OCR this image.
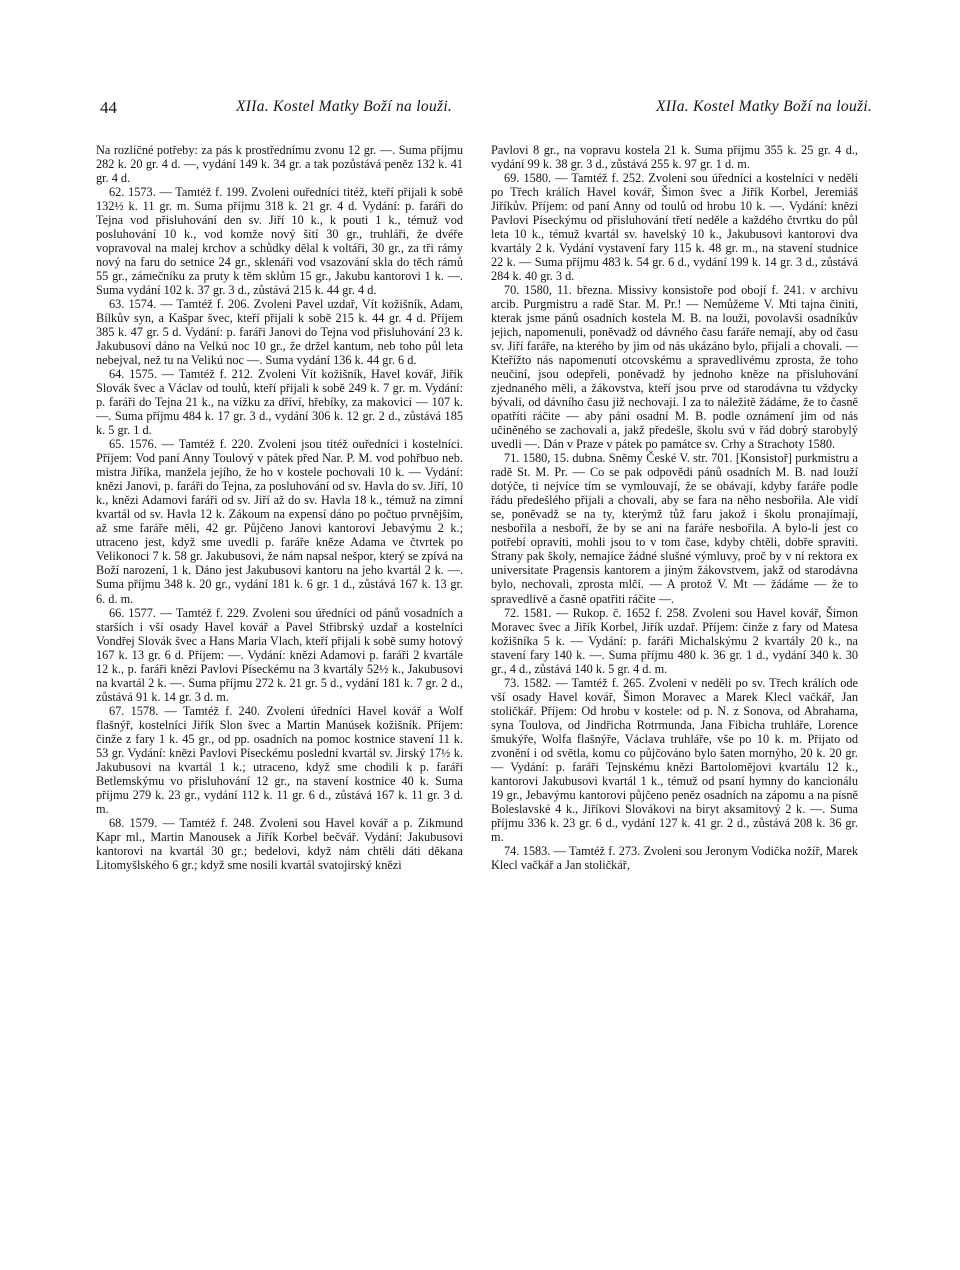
44	XIIa. Kostel Matky Boží na louži.	XIIa. Kostel Matky Boží na louži.

Na rozličné potřeby: za pás k prostřednímu zvonu 12 gr. —. Suma příjmu 282 k. 20 gr. 4 d. —, vydání 149 k. 34 gr. a tak pozůstává peněz 132 k. 41 gr. 4 d.

62. 1573. — Tamtéž f. 199. Zvoleni ouředníci titéž, kteří přijali k sobě 132½ k. 11 gr. m. Suma příjmu 318 k. 21 gr. 4 d. Vydání: p. faráři do Tejna vod přisluhování den sv. Jiří 10 k., k pouti 1 k., témuž vod posluhování 10 k., vod komže nový šití 30 gr., truhláři, že dvéře vopravoval na malej krchov a schůdky dělal k voltáři, 30 gr., za tři rámy nový na faru do setnice 24 gr., sklenáři vod vsazování skla do těch rámů 55 gr., zámečníku za pruty k těm sklům 15 gr., Jakubu kantorovi 1 k. —. Suma vydání 102 k. 37 gr. 3 d., zůstává 215 k. 44 gr. 4 d.

63. 1574. — Tamtéž f. 206. Zvoleni Pavel uzdař, Vít kožišník, Adam, Bílkův syn, a Kašpar švec, kteří přijali k sobě 215 k. 44 gr. 4 d. Příjem 385 k. 47 gr. 5 d. Vydání: p. faráři Janovi do Tejna vod přisluhování 23 k. Jakubusovi dáno na Velkú noc 10 gr., že držel kantum, neb toho půl leta nebejval, než tu na Velikú noc —. Suma vydání 136 k. 44 gr. 6 d.

64. 1575. — Tamtéž f. 212. Zvoleni Vít kožišník, Havel kovář, Jiřík Slovák švec a Václav od toulů, kteří přijali k sobě 249 k. 7 gr. m. Vydání: p. faráři do Tejna 21 k., na vížku za dříví, hřebíky, za makovici — 107 k. —. Suma příjmu 484 k. 17 gr. 3 d., vydání 306 k. 12 gr. 2 d., zůstává 185 k. 5 gr. 1 d.

65. 1576. — Tamtéž f. 220. Zvoleni jsou titéž ouředníci i kostelníci. Příjem: Vod paní Anny Toulový v pátek před Nar. P. M. vod pohřbuo neb. mistra Jiříka, manžela jejího, že ho v kostele pochovali 10 k. — Vydání: knězi Janovi, p. faráři do Tejna, za posluhování od sv. Havla do sv. Jiří, 10 k., knězi Adamovi faráři od sv. Jiří až do sv. Havla 18 k., témuž na zimní kvartál od sv. Havla 12 k. Zákoum na expensí dáno po počtuo prvnějším, až sme faráře měli, 42 gr. Půjčeno Janovi kantorovi Jebavýmu 2 k.; utraceno jest, když sme uvedli p. faráře kněze Adama ve čtvrtek po Velikonoci 7 k. 58 gr. Jakubusovi, že nám napsal nešpor, který se zpívá na Boží narození, 1 k. Dáno jest Jakubusovi kantoru na jeho kvartál 2 k. —. Suma příjmu 348 k. 20 gr., vydání 181 k. 6 gr. 1 d., zůstává 167 k. 13 gr. 6. d. m.

66. 1577. — Tamtéž f. 229. Zvoleni sou úředníci od pánů vosadních a starších i vší osady Havel kovář a Pavel Střibrský uzdař a kostelníci Vondřej Slovák švec a Hans Maria Vlach, kteří přijali k sobě sumy hotový 167 k. 13 gr. 6 d. Příjem: —. Vydání: knězi Adamovi p. faráři 2 kvartále 12 k., p. faráři knězi Pavlovi Píseckému na 3 kvartály 52½ k., Jakubusovi na kvartál 2 k. —. Suma příjmu 272 k. 21 gr. 5 d., vydání 181 k. 7 gr. 2 d., zůstává 91 k. 14 gr. 3 d. m.

67. 1578. — Tamtéž f. 240. Zvoleni úředníci Havel kovář a Wolf flašnýř, kostelníci Jiřík Slon švec a Martin Manúsek kožišník. Příjem: činže z fary 1 k. 45 gr., od pp. osadních na pomoc kostnice stavení 11 k. 53 gr. Vydání: knězi Pavlovi Píseckému poslední kvartál sv. Jirský 17½ k. Jakubusovi na kvartál 1 k.; utraceno, když sme chodili k p. faráři Betlemskýmu vo přisluhování 12 gr., na stavení kostnice 40 k. Suma příjmu 279 k. 23 gr., vydání 112 k. 11 gr. 6 d., zůstává 167 k. 11 gr. 3 d. m.

68. 1579. — Tamtéž f. 248. Zvoleni sou Havel kovář a p. Zikmund Kapr ml., Martin Manousek a Jiřík Korbel bečvář. Vydání: Jakubusovi kantorovi na kvartál 30 gr.; bedelovi, když nám chtěli dáti děkana Litomyšlského 6 gr.; když sme nosili kvartál svatojirský knězi

Pavlovi 8 gr., na vopravu kostela 21 k. Suma příjmu 355 k. 25 gr. 4 d., vydání 99 k. 38 gr. 3 d., zůstává 255 k. 97 gr. 1 d. m.

69. 1580. — Tamtéž f. 252. Zvoleni sou úředníci a kostelníci v neděli po Třech králích Havel kovář, Šimon švec a Jiřík Korbel, Jeremiáš Jiříkův. Příjem: od paní Anny od toulů od hrobu 10 k. —. Vydání: knězi Pavlovi Píseckýmu od přisluhování třetí neděle a každého čtvrtku do půl leta 10 k., témuž kvartál sv. havelský 10 k., Jakubusovi kantorovi dva kvartály 2 k. Vydání vystavení fary 115 k. 48 gr. m., na stavení studnice 22 k. — Suma příjmu 483 k. 54 gr. 6 d., vydání 199 k. 14 gr. 3 d., zůstává 284 k. 40 gr. 3 d.

70. 1580, 11. března. Missivy konsistoře pod obojí f. 241. v archivu arcib. Purgmistru a radě Star. M. Pr.! — Nemůžeme V. Mti tajna činiti, kterak jsme pánů osadních kostela M. B. na louži, povolavši osadníkův jejich, napomenuli, poněvadž od dávného času faráře nemají, aby od času sv. Jiří faráře, na kterého by jim od nás ukázáno bylo, přijali a chovali. — Kteřížto nás napomenutí otcovskému a spravedlivému zprosta, že toho neučiní, jsou odepřeli, poněvadž by jednoho kněze na přisluhování zjednaného měli, a žákovstva, kteří jsou prve od starodávna tu vždycky bývali, od dávního času již nechovají. I za to náležitě žádáme, že to časně opatříti ráčite — aby páni osadní M. B. podle oznámení jim od nás učiněného se zachovali a, jakž předešle, školu svú v řád dobrý starobylý uvedli —. Dán v Praze v pátek po památce sv. Crhy a Strachoty 1580.

71. 1580, 15. dubna. Sněmy České V. str. 701. [Konsistoř] purkmistru a radě St. M. Pr. — Co se pak odpovědi pánů osadních M. B. nad louží dotýče, ti nejvíce tím se vymlouvají, že se obávají, kdyby faráře podle řádu předešlého přijali a chovali, aby se fara na něho nesbořila. Ale vidí se, poněvadž se na ty, kterýmž tůž faru jakož i školu pronajímají, nesbořila a nesboří, že by se ani na faráře nesbořila. A bylo-li jest co potřebí opraviti, mohli jsou to v tom čase, kdyby chtěli, dobře spraviti. Strany pak školy, nemajíce žádné slušné výmluvy, proč by v ní rektora ex universitate Pragensis kantorem a jiným žákovstvem, jakž od starodávna bylo, nechovali, zprosta mlčí. — A protož V. Mt — žádáme — že to spravedlivě a časně opatřiti ráčite —.

72. 1581. — Rukop. č. 1652 f. 258. Zvoleni sou Havel kovář, Šimon Moravec švec a Jiřík Korbel, Jiřík uzdař. Příjem: činže z fary od Matesa kožišníka 5 k. — Vydání: p. faráři Michalskýmu 2 kvartály 20 k., na stavení fary 140 k. —. Suma příjmu 480 k. 36 gr. 1 d., vydání 340 k. 30 gr., 4 d., zůstává 140 k. 5 gr. 4 d. m.

73. 1582. — Tamtéž f. 265. Zvoleni v neděli po sv. Třech králích ode vší osady Havel kovář, Šimon Moravec a Marek Klecl vačkář, Jan stoličkář. Příjem: Od hrobu v kostele: od p. N. z Sonova, od Abrahama, syna Toulova, od Jindřicha Rotrmunda, Jana Fibicha truhláře, Lorence šmukýře, Wolfa flašnýře, Václava truhláře, vše po 10 k. m. Přijato od zvonění i od světla, komu co půjčováno bylo šaten mornýho, 20 k. 20 gr. — Vydání: p. faráři Tejnskému knězi Bartolomějovi kvartálu 12 k., kantorovi Jakubusovi kvartál 1 k., témuž od psaní hymny do kancionálu 19 gr., Jebavýmu kantorovi půjčeno peněz osadních na zápomu a na písně Boleslavské 4 k., Jiříkovi Slovákovi na biryt aksamitový 2 k. —. Suma příjmu 336 k. 23 gr. 6 d., vydání 127 k. 41 gr. 2 d., zůstává 208 k. 36 gr. m.

74. 1583. — Tamtéž f. 273. Zvoleni sou Jeronym Vodička nožíř, Marek Klecl vačkář a Jan stoličkář,
